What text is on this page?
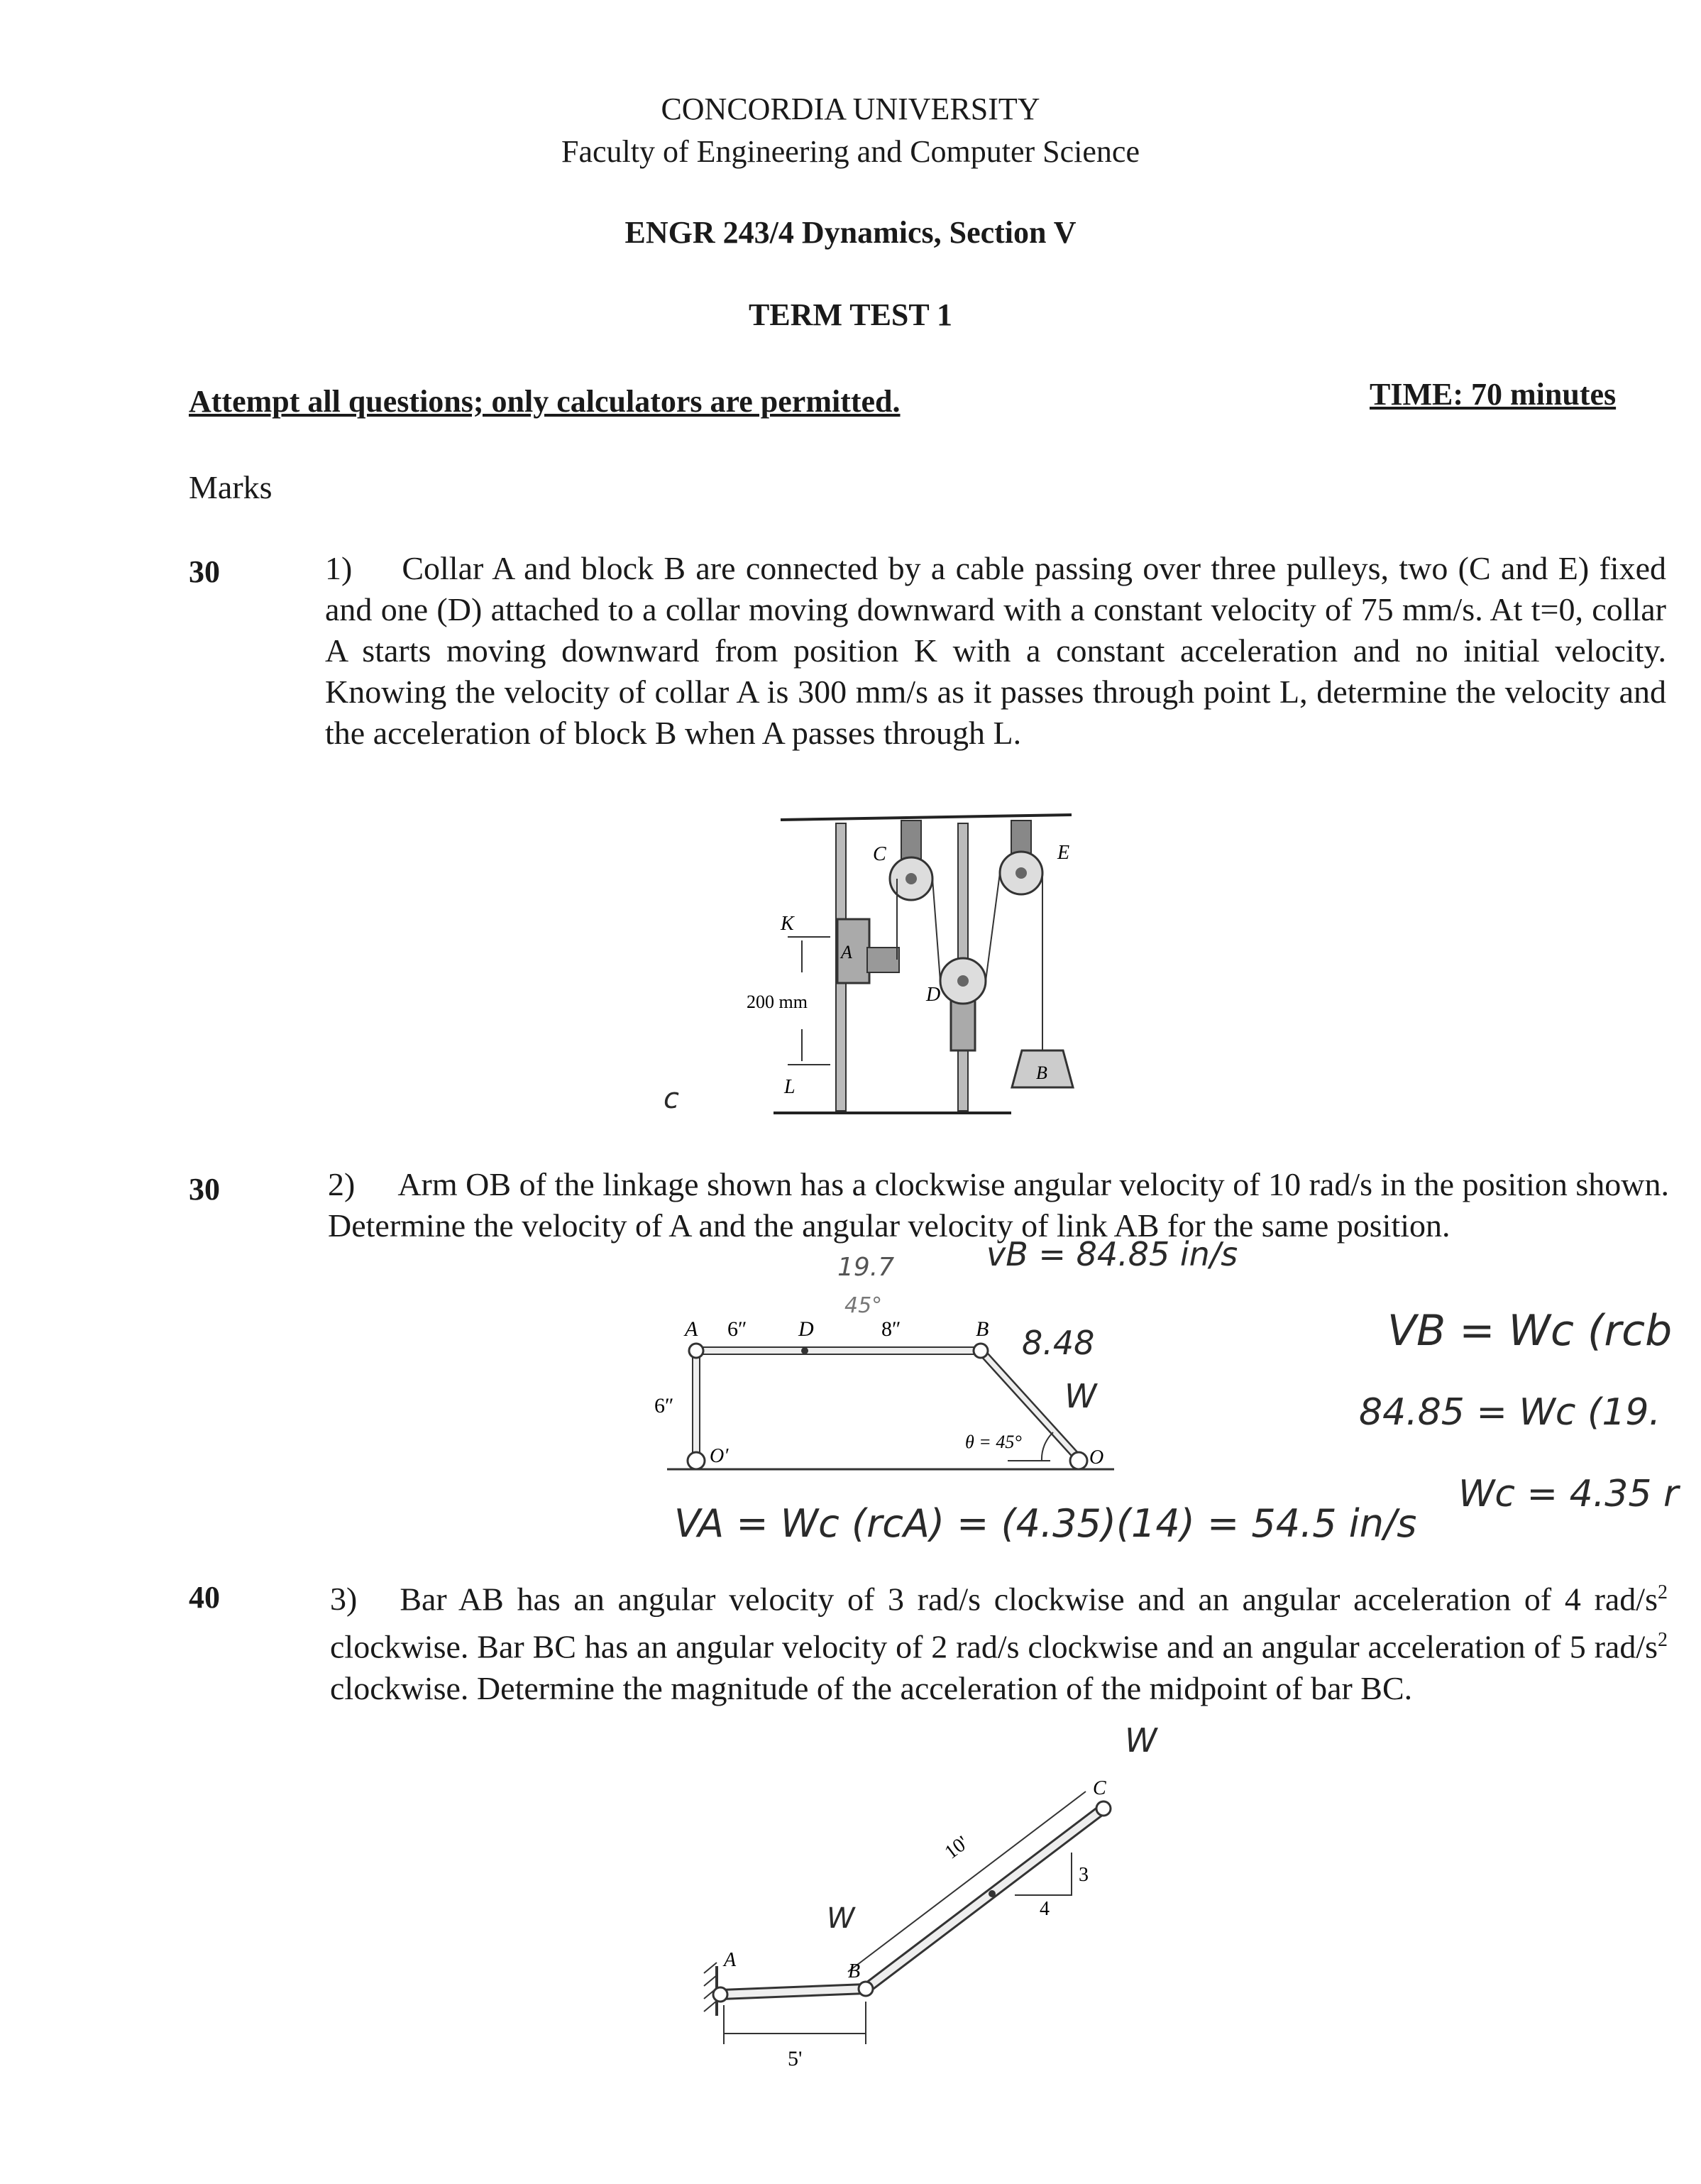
CONCORDIA UNIVERSITY
Faculty of Engineering and Computer Science
ENGR 243/4 Dynamics, Section V
TERM TEST 1
Attempt all questions; only calculators are permitted.	TIME: 70 minutes
Marks
30	1) Collar A and block B are connected by a cable passing over three pulleys, two (C and E) fixed and one (D) attached to a collar moving downward with a constant velocity of 75 mm/s. At t=0, collar A starts moving downward from position K with a constant acceleration and no initial velocity. Knowing the velocity of collar A is 300 mm/s as it passes through point L, determine the velocity and the acceleration of block B when A passes through L.
C	E
K
A
D
B
L
200 mm
c
30	2) Arm OB of the linkage shown has a clockwise angular velocity of 10 rad/s in the position shown. Determine the velocity of A and the angular velocity of link AB for the same position.
A 6″ D	8″	B
6″
O′	O
θ = 45°
19.7
45°
vB = 84.85 in/s
8.48
W
VB = Wc (rcb
84.85 = Wc (19.
Wc = 4.35 r
VA = Wc (rcA) = (4.35)(14) = 54.5 in/s
40	3) Bar AB has an angular velocity of 3 rad/s clockwise and an angular acceleration of 4 rad/$s^2$ clockwise. Bar BC has an angular velocity of 2 rad/s clockwise and an angular acceleration of 5 rad/$s^2$ clockwise. Determine the magnitude of the acceleration of the midpoint of bar BC.
A
B
C
5'
10'
3
4
W
W
